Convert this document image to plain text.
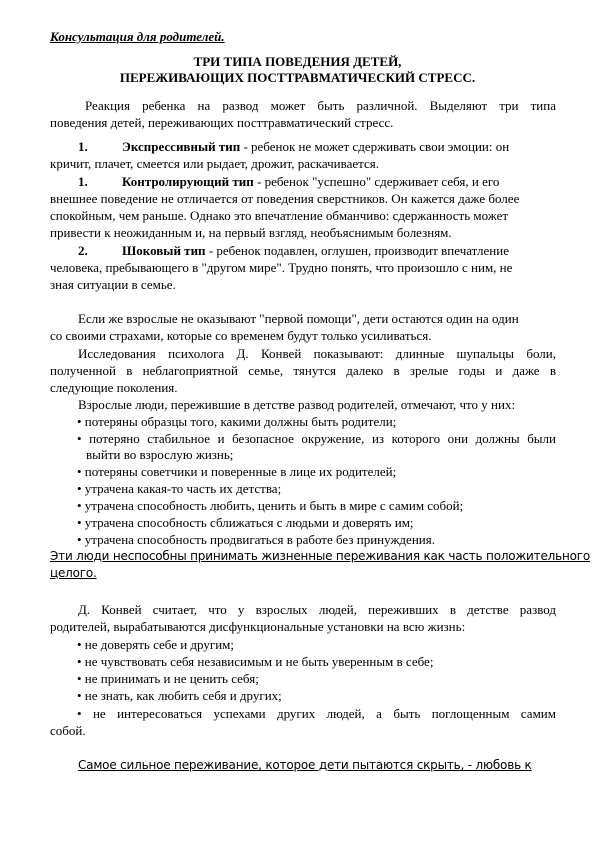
Консультация для родителей.
ТРИ ТИПА ПОВЕДЕНИЯ ДЕТЕЙ,
ПЕРЕЖИВАЮЩИХ ПОСТТРАВМАТИЧЕСКИЙ СТРЕСС.
Реакция ребенка на развод может быть различной. Выделяют три типа
поведения детей, переживающих посттравматический стресс.
1.	Экспрессивный тип - ребенок не может сдерживать свои эмоции: он
кричит, плачет, смеется или рыдает, дрожит, раскачивается.
1.	Контролирующий тип - ребенок "успешно" сдерживает себя, и его
внешнее поведение не отличается от поведения сверстников. Он кажется даже более
спокойным, чем раньше. Однако это впечатление обманчиво: сдержанность может
привести к неожиданным и, на первый взгляд, необъяснимым болезням.
2.	Шоковый тип - ребенок подавлен, оглушен, производит впечатление
человека, пребывающего в "другом мире". Трудно понять, что произошло с ним, не
зная ситуации в семье.
Если же взрослые не оказывают "первой помощи", дети остаются один на один
со своими страхами, которые со временем будут только усиливаться.
Исследования психолога Д. Конвей показывают: длинные шупальцы боли,
полученной в неблагоприятной семье, тянутся далеко в зрелые годы и даже в
следующие поколения.
Взрослые люди, пережившие в детстве развод родителей, отмечают, что у них:
• потеряны образцы того, какими должны быть родители;
• потеряно стабильное и безопасное окружение, из которого они должны были
выйти во взрослую жизнь;
• потеряны советчики и поверенные в лице их родителей;
• утрачена какая-то часть их детства;
• утрачена способность любить, ценить и быть в мире с самим собой;
• утрачена способность сближаться с людьми и доверять им;
• утрачена способность продвигаться в работе без принуждения.
Эти люди неспособны принимать жизненные переживания как часть положительного
целого.
Д. Конвей считает, что у взрослых людей, переживших в детстве развод
родителей, вырабатываются дисфункциональные установки на всю жизнь:
• не доверять себе и другим;
• не чувствовать себя независимым и не быть уверенным в себе;
• не принимать и не ценить себя;
• не знать, как любить себя и других;
• не интересоваться успехами других людей, а быть поглощенным самим
собой.
Самое сильное переживание, которое дети пытаются скрыть, - любовь к
